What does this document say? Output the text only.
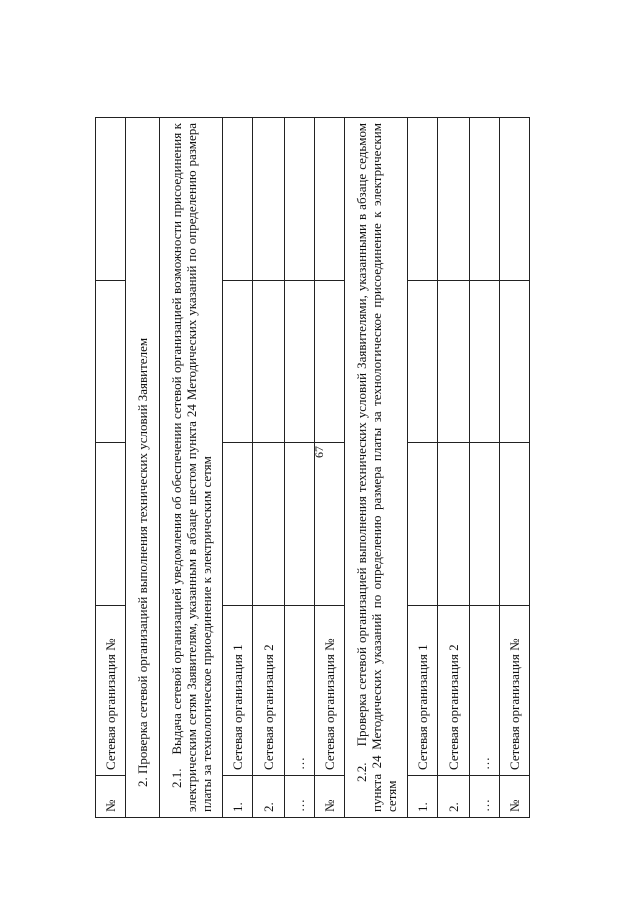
67
№	Сетевая организация №			
2. Проверка сетевой организацией выполнения технических условий Заявителем				
2.1.    Выдача сетевой организацией уведомления об обеспечении сетевой организацией возможности присоединения к электрическим сетям Заявителям, указанным в абзаце шестом пункта 24 Методических указаний по определению размера платы за технологическое приоединение к электрическим сетям				
1.	Сетевая организация 1			
2.	Сетевая организация 2			
…	…			
№	Сетевая организация №			
2.2.    Проверка сетевой организацией выполнения технических условий Заявителями, указанными в абзаце седьмом пункта 24 Методических указаний по определению размера платы за технологическое присоединение к электрическим сетям				
1.	Сетевая организация 1			
2.	Сетевая организация 2			
…	…			
№	Сетевая организация №			
